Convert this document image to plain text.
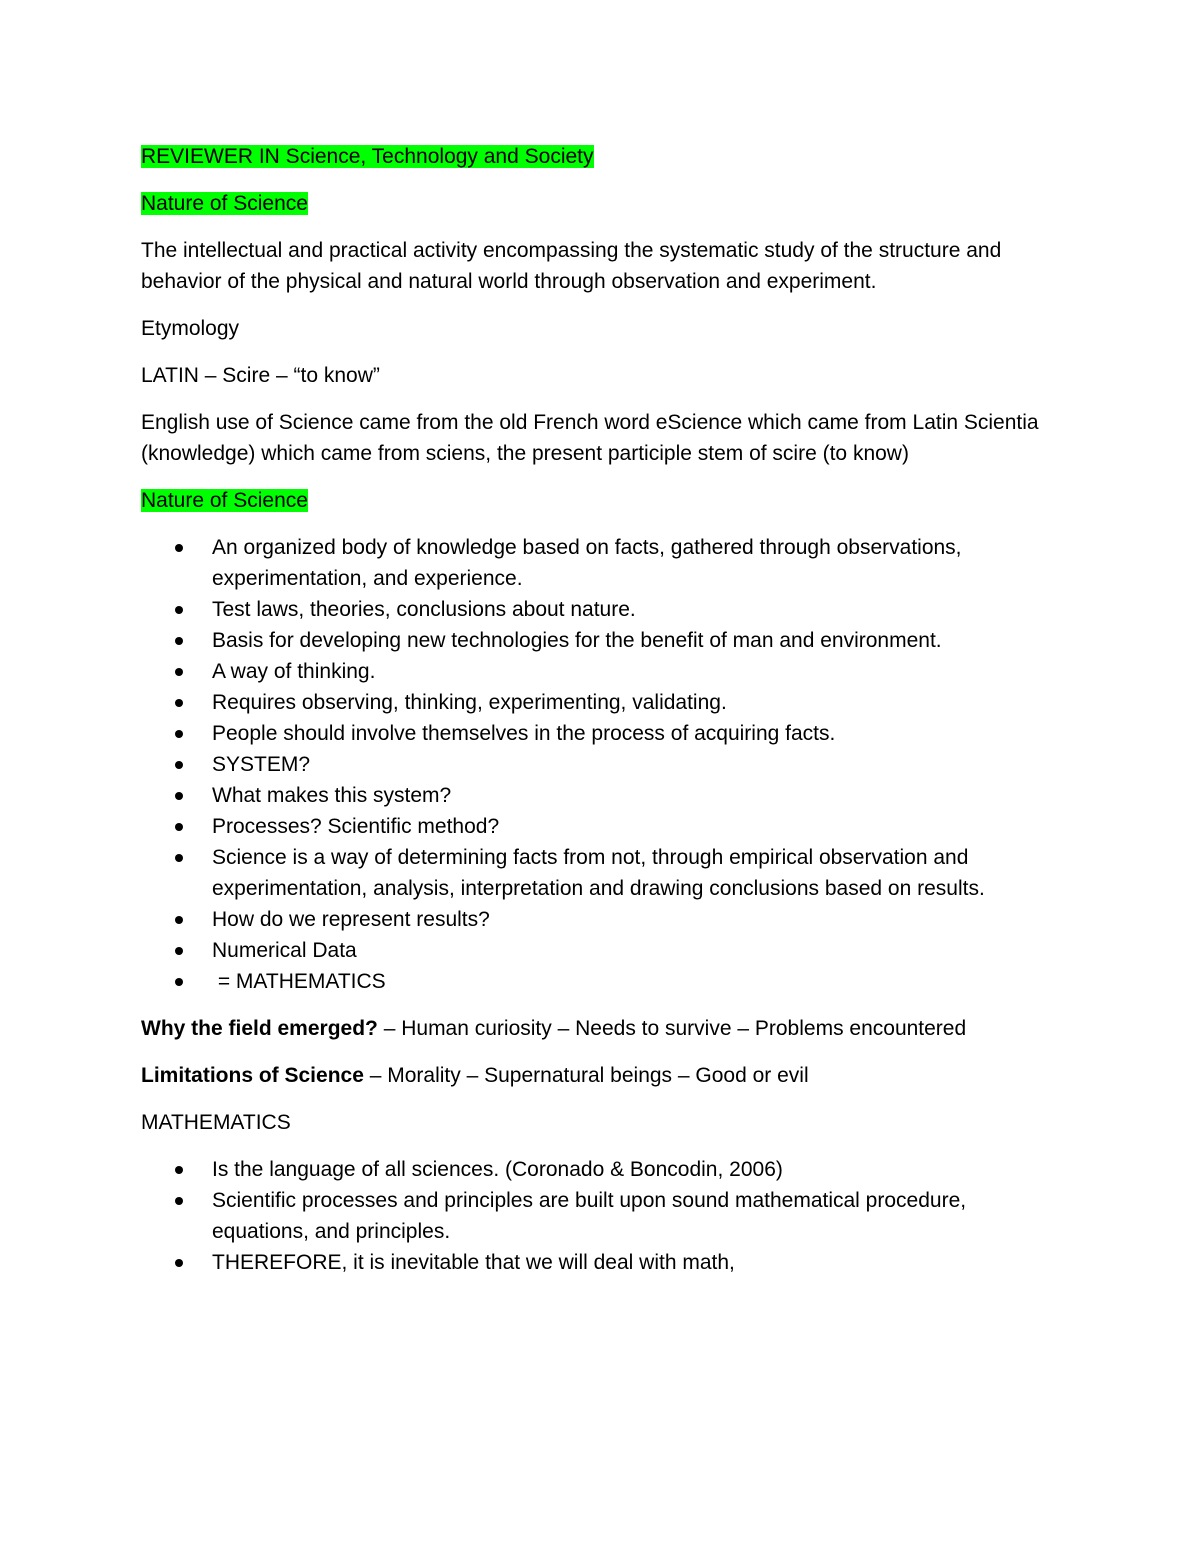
REVIEWER IN Science, Technology and Society

Nature of Science

The intellectual and practical activity encompassing the systematic study of the structure and behavior of the physical and natural world through observation and experiment.

Etymology

LATIN – Scire – “to know”

English use of Science came from the old French word eScience which came from Latin Scientia (knowledge) which came from sciens, the present participle stem of scire (to know)

Nature of Science

An organized body of knowledge based on facts, gathered through observations, experimentation, and experience.
Test laws, theories, conclusions about nature.
Basis for developing new technologies for the benefit of man and environment.
A way of thinking.
Requires observing, thinking, experimenting, validating.
People should involve themselves in the process of acquiring facts.
SYSTEM?
What makes this system?
Processes? Scientific method?
Science is a way of determining facts from not, through empirical observation and experimentation, analysis, interpretation and drawing conclusions based on results.
How do we represent results?
Numerical Data
= MATHEMATICS

Why the field emerged? – Human curiosity – Needs to survive – Problems encountered

Limitations of Science – Morality – Supernatural beings – Good or evil

MATHEMATICS

Is the language of all sciences. (Coronado & Boncodin, 2006)
Scientific processes and principles are built upon sound mathematical procedure, equations, and principles.
THEREFORE, it is inevitable that we will deal with math,
